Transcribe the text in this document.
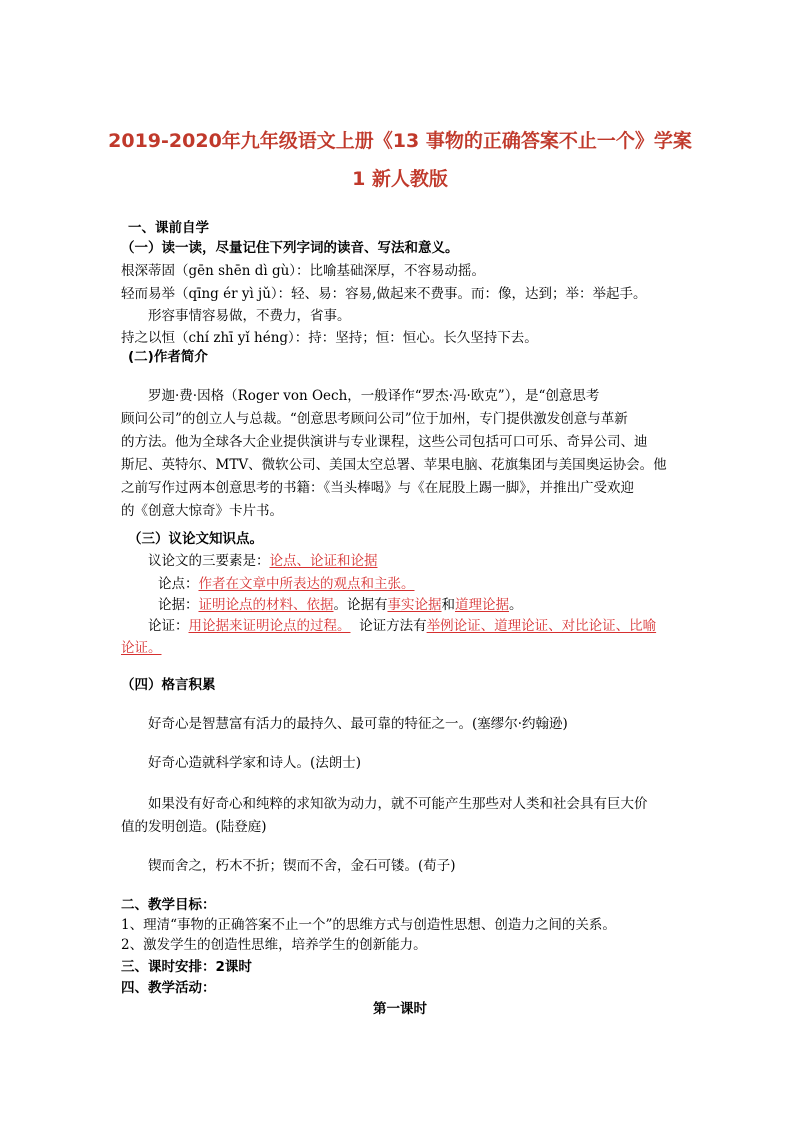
2019-2020年九年级语文上册《13 事物的正确答案不止一个》学案
1 新人教版
一、课前自学
（一）读一读，尽量记住下列字词的读音、写法和意义。
根深蒂固（gēn shēn dì gù）：比喻基础深厚，不容易动摇。
轻而易举（qīng ér yì jǔ）：轻、易：容易,做起来不费事。而：像，达到；举：举起手。
形容事情容易做，不费力，省事。
持之以恒（chí zhī yǐ héng）：持：坚持；恒：恒心。长久坚持下去。
(二)作者简介
罗迦·费·因格（Roger von Oech，一般译作“罗杰·冯·欧克”），是“创意思考
顾问公司”的创立人与总裁。“创意思考顾问公司”位于加州，专门提供激发创意与革新
的方法。他为全球各大企业提供演讲与专业课程，这些公司包括可口可乐、奇异公司、迪
斯尼、英特尔、MTV、微软公司、美国太空总署、苹果电脑、花旗集团与美国奥运协会。他
之前写作过两本创意思考的书籍：《当头棒喝》与《在屁股上踢一脚》，并推出广受欢迎
的《创意大惊奇》卡片书。
（三）议论文知识点。
议论文的三要素是：论点、论证和论据
论点：作者在文章中所表达的观点和主张。
论据：证明论点的材料、依据。论据有事实论据和道理论据。
论证：用论据来证明论点的过程。 论证方法有举例论证、道理论证、对比论证、比喻
论证。
（四）格言积累
好奇心是智慧富有活力的最持久、最可靠的特征之一。(塞缪尔·约翰逊)
好奇心造就科学家和诗人。(法朗士)
如果没有好奇心和纯粹的求知欲为动力，就不可能产生那些对人类和社会具有巨大价
值的发明创造。(陆登庭)
锲而舍之，朽木不折；锲而不舍，金石可镂。(荀子)
二、教学目标：
1、理清“事物的正确答案不止一个”的思维方式与创造性思想、创造力之间的关系。
2、激发学生的创造性思维，培养学生的创新能力。
三、课时安排：2课时
四、教学活动：
第一课时
